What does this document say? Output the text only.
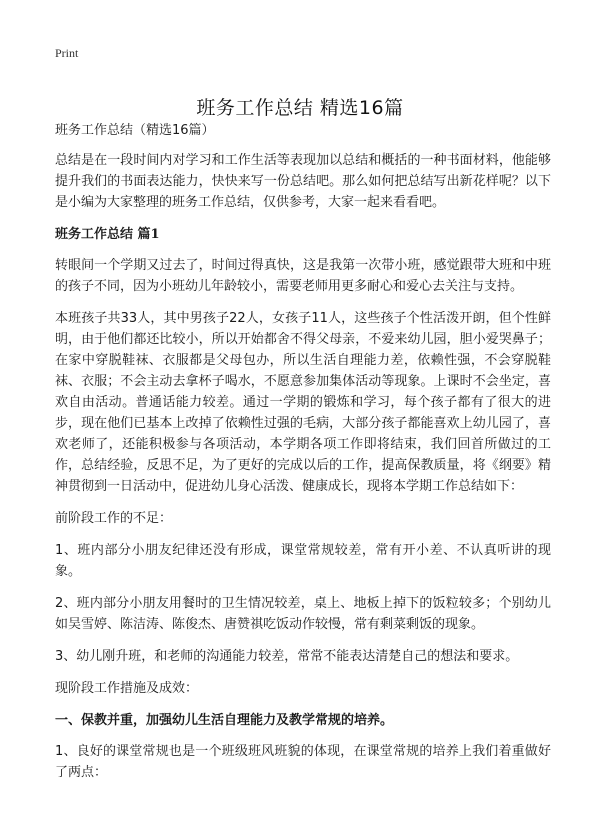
Print
班务工作总结 精选16篇

班务工作总结（精选16篇）

总结是在一段时间内对学习和工作生活等表现加以总结和概括的一种书面材料，他能够提升我们的书面表达能力，快快来写一份总结吧。那么如何把总结写出新花样呢？以下是小编为大家整理的班务工作总结，仅供参考，大家一起来看看吧。

班务工作总结 篇1

转眼间一个学期又过去了，时间过得真快，这是我第一次带小班，感觉跟带大班和中班的孩子不同，因为小班幼儿年龄较小，需要老师用更多耐心和爱心去关注与支持。

本班孩子共33人，其中男孩子22人，女孩子11人，这些孩子个性活泼开朗，但个性鲜明，由于他们都还比较小，所以开始都舍不得父母亲，不爱来幼儿园，胆小爱哭鼻子；在家中穿脱鞋袜、衣服都是父母包办，所以生活自理能力差，依赖性强，不会穿脱鞋袜、衣服；不会主动去拿杯子喝水，不愿意参加集体活动等现象。上课时不会坐定，喜欢自由活动。普通话能力较差。通过一学期的锻炼和学习，每个孩子都有了很大的进步，现在他们已基本上改掉了依赖性过强的毛病，大部分孩子都能喜欢上幼儿园了，喜欢老师了，还能积极参与各项活动，本学期各项工作即将结束，我们回首所做过的工作，总结经验，反思不足，为了更好的完成以后的工作，提高保教质量，将《纲要》精神贯彻到一日活动中，促进幼儿身心活泼、健康成长，现将本学期工作总结如下：

前阶段工作的不足：

1、班内部分小朋友纪律还没有形成，课堂常规较差，常有开小差、不认真听讲的现象。

2、班内部分小朋友用餐时的卫生情况较差，桌上、地板上掉下的饭粒较多；个别幼儿如吴雪婷、陈洁涛、陈俊杰、唐赞祺吃饭动作较慢，常有剩菜剩饭的现象。

3、幼儿刚升班，和老师的沟通能力较差，常常不能表达清楚自己的想法和要求。

现阶段工作措施及成效：

一、保教并重，加强幼儿生活自理能力及教学常规的培养。

1、良好的课堂常规也是一个班级班风班貌的体现，在课堂常规的培养上我们着重做好了两点：
